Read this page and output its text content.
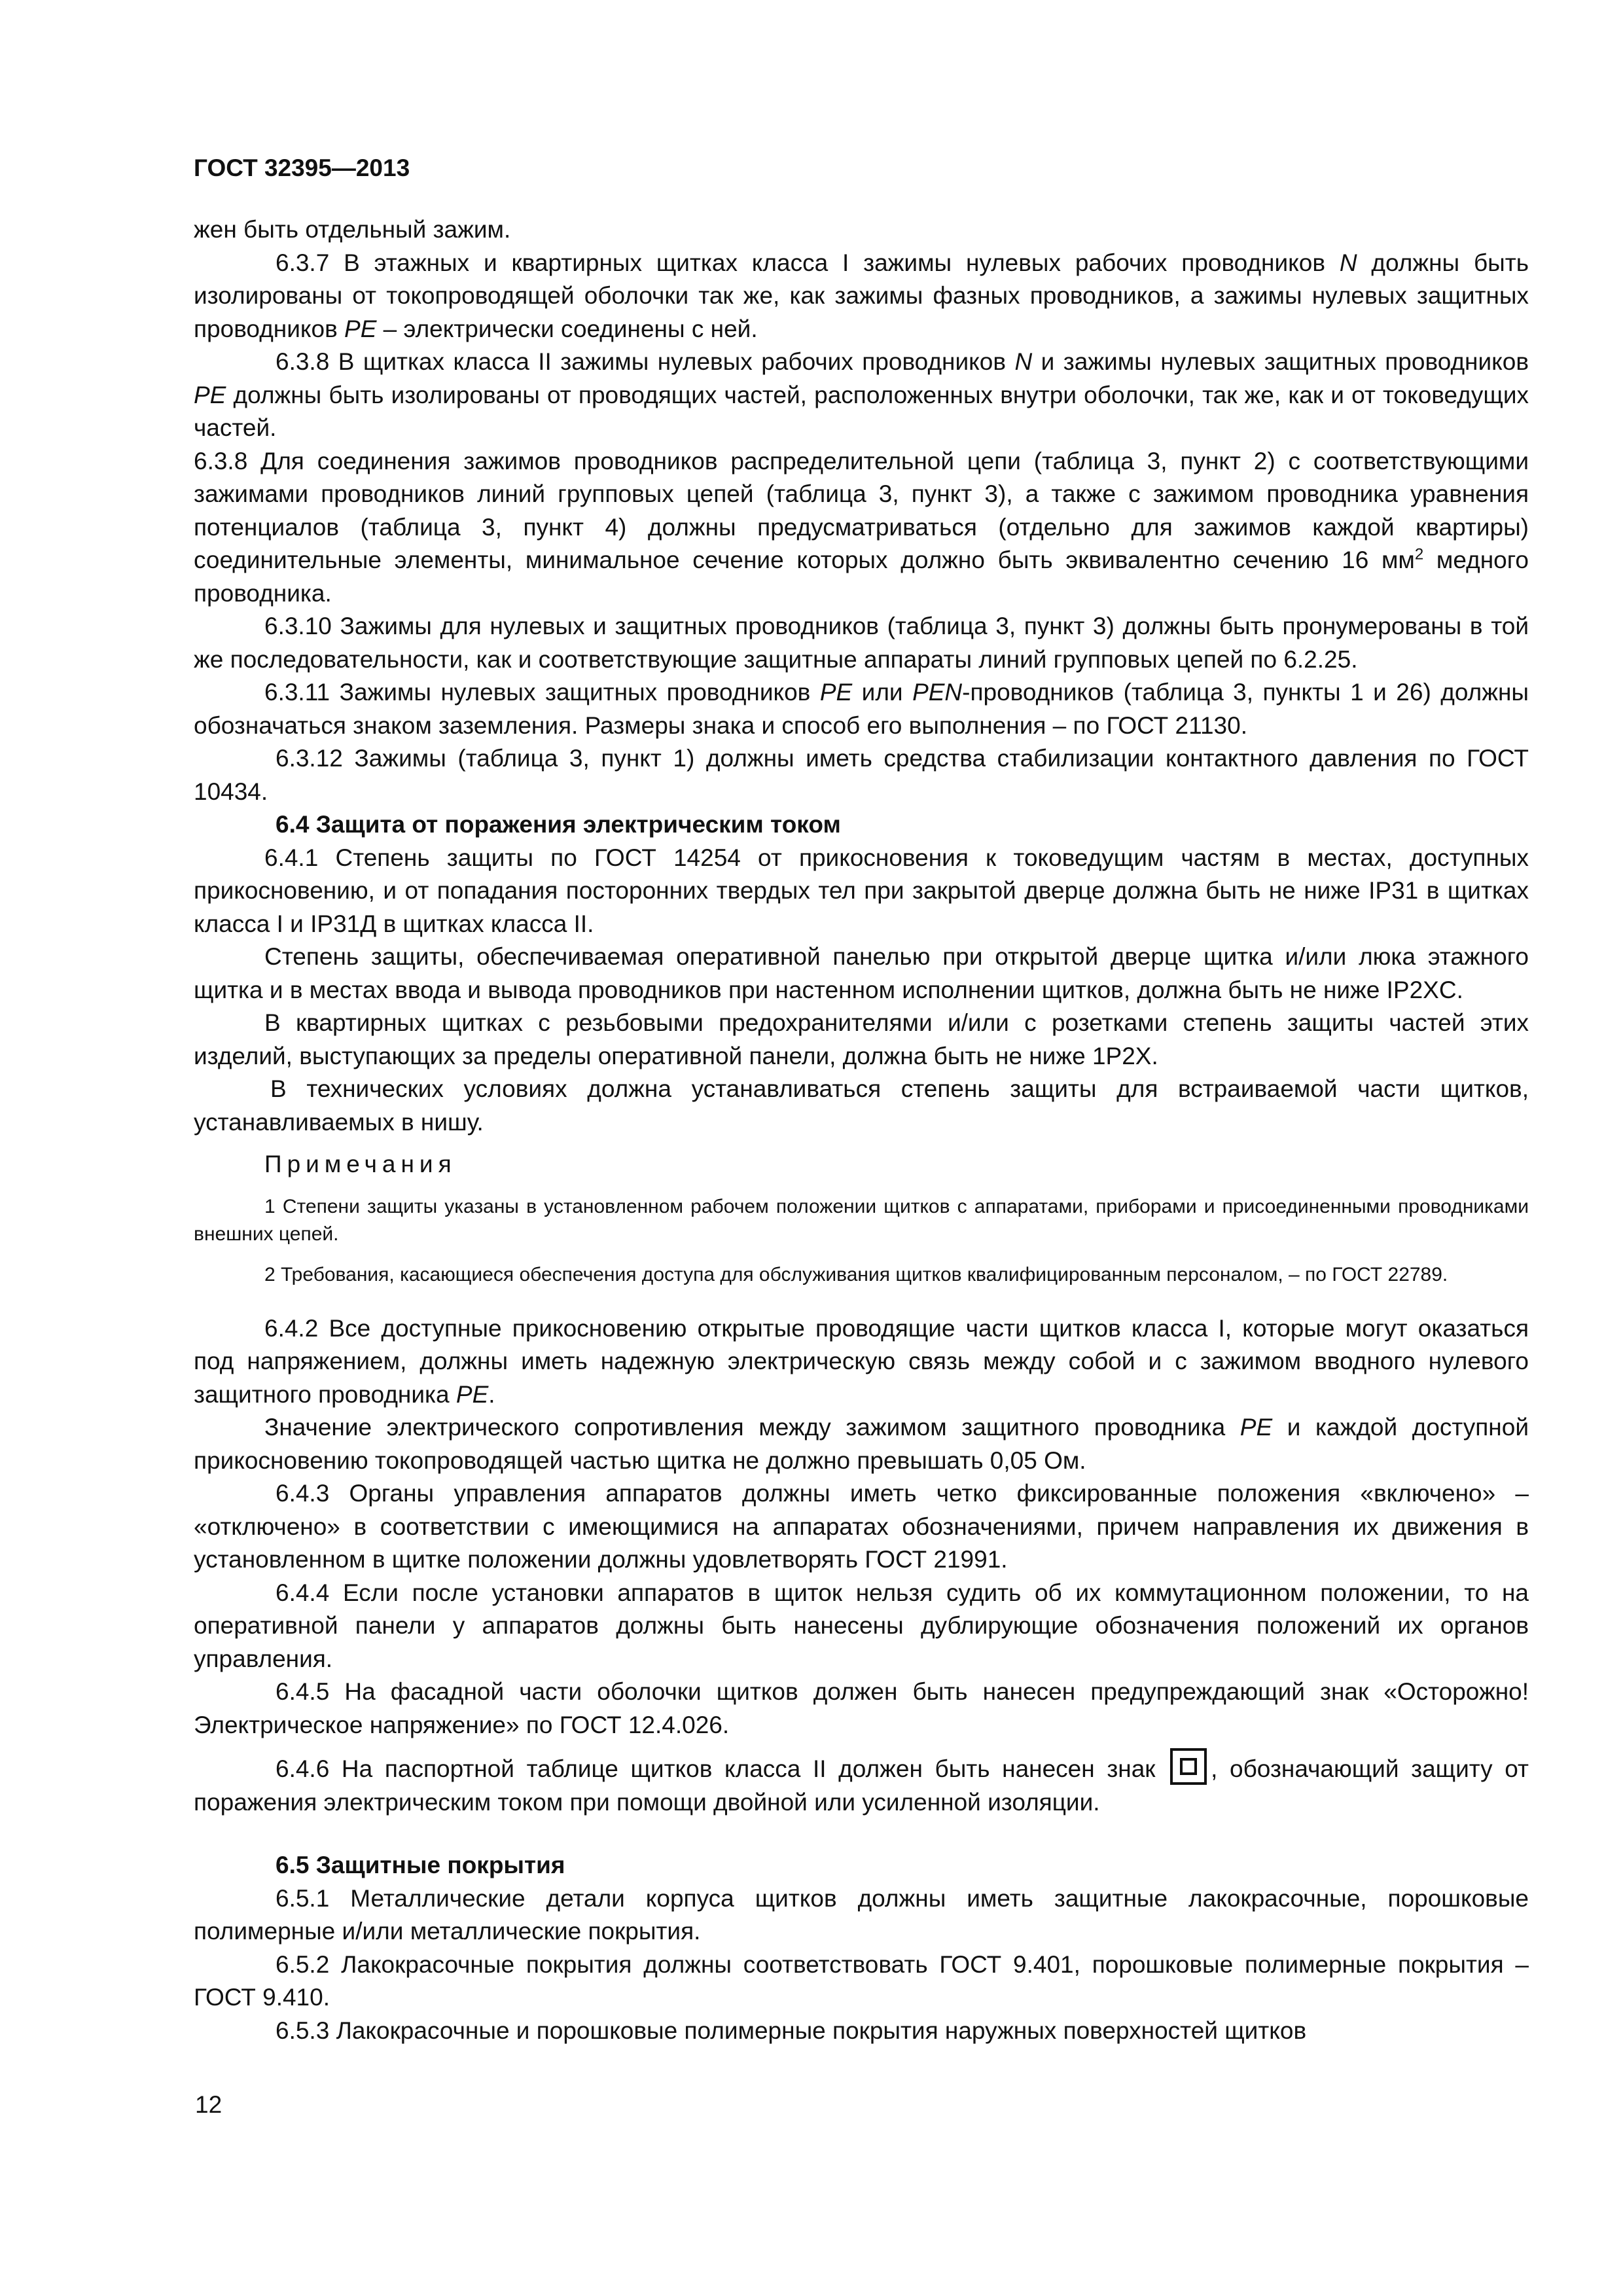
ГОСТ 32395—2013

жен быть отдельный зажим.

6.3.7 В этажных и квартирных щитках класса I зажимы нулевых рабочих проводников N должны быть изолированы от токопроводящей оболочки так же, как зажимы фазных проводников, а зажимы нулевых защитных проводников PE – электрически соединены с ней.

6.3.8 В щитках класса II зажимы нулевых рабочих проводников N и зажимы нулевых защитных проводников PE должны быть изолированы от проводящих частей, расположенных внутри оболочки, так же, как и от токоведущих частей.

6.3.8 Для соединения зажимов проводников распределительной цепи (таблица 3, пункт 2) с соответствующими зажимами проводников линий групповых цепей (таблица 3, пункт 3), а также с зажимом проводника уравнения потенциалов (таблица 3, пункт 4) должны предусматриваться (отдельно для зажимов каждой квартиры) соединительные элементы, минимальное сечение которых должно быть эквивалентно сечению 16 $мм^2$ медного проводника.

6.3.10 Зажимы для нулевых и защитных проводников (таблица 3, пункт 3) должны быть пронумерованы в той же последовательности, как и соответствующие защитные аппараты линий групповых цепей по 6.2.25.

6.3.11 Зажимы нулевых защитных проводников PE или PEN-проводников (таблица 3, пункты 1 и 26) должны обозначаться знаком заземления. Размеры знака и способ его выполнения – по ГОСТ 21130.

6.3.12 Зажимы (таблица 3, пункт 1) должны иметь средства стабилизации контактного давления по ГОСТ 10434.

6.4 Защита от поражения электрическим током

6.4.1 Степень защиты по ГОСТ 14254 от прикосновения к токоведущим частям в местах, доступных прикосновению, и от попадания посторонних твердых тел при закрытой дверце должна быть не ниже IP31 в щитках класса I и IP31Д в щитках класса II.

Степень защиты, обеспечиваемая оперативной панелью при открытой дверце щитка и/или люка этажного щитка и в местах ввода и вывода проводников при настенном исполнении щитков, должна быть не ниже IP2XC.

В квартирных щитках с резьбовыми предохранителями и/или с розетками степень защиты частей этих изделий, выступающих за пределы оперативной панели, должна быть не ниже 1P2X.

В технических условиях должна устанавливаться степень защиты для встраиваемой части щитков, устанавливаемых в нишу.

Примечания

1 Степени защиты указаны в установленном рабочем положении щитков с аппаратами, приборами и присоединенными проводниками внешних цепей.

2 Требования, касающиеся обеспечения доступа для обслуживания щитков квалифицированным персоналом, – по ГОСТ 22789.

6.4.2 Все доступные прикосновению открытые проводящие части щитков класса I, которые могут оказаться под напряжением, должны иметь надежную электрическую связь между собой и с зажимом вводного нулевого защитного проводника PE.

Значение электрического сопротивления между зажимом защитного проводника PE и каждой доступной прикосновению токопроводящей частью щитка не должно превышать 0,05 Ом.

6.4.3 Органы управления аппаратов должны иметь четко фиксированные положения «включено» – «отключено» в соответствии с имеющимися на аппаратах обозначениями, причем направления их движения в установленном в щитке положении должны удовлетворять ГОСТ 21991.

6.4.4 Если после установки аппаратов в щиток нельзя судить об их коммутационном положении, то на оперативной панели у аппаратов должны быть нанесены дублирующие обозначения положений их органов управления.

6.4.5 На фасадной части оболочки щитков должен быть нанесен предупреждающий знак «Осторожно! Электрическое напряжение» по ГОСТ 12.4.026.

6.4.6 На паспортной таблице щитков класса II должен быть нанесен знак
, обозначающий защиту от поражения электрическим током при помощи двойной или усиленной изоляции.

6.5 Защитные покрытия

6.5.1 Металлические детали корпуса щитков должны иметь защитные лакокрасочные, порошковые полимерные и/или металлические покрытия.

6.5.2 Лакокрасочные покрытия должны соответствовать ГОСТ 9.401, порошковые полимерные покрытия – ГОСТ 9.410.

6.5.3 Лакокрасочные и порошковые полимерные покрытия наружных поверхностей щитков

12
